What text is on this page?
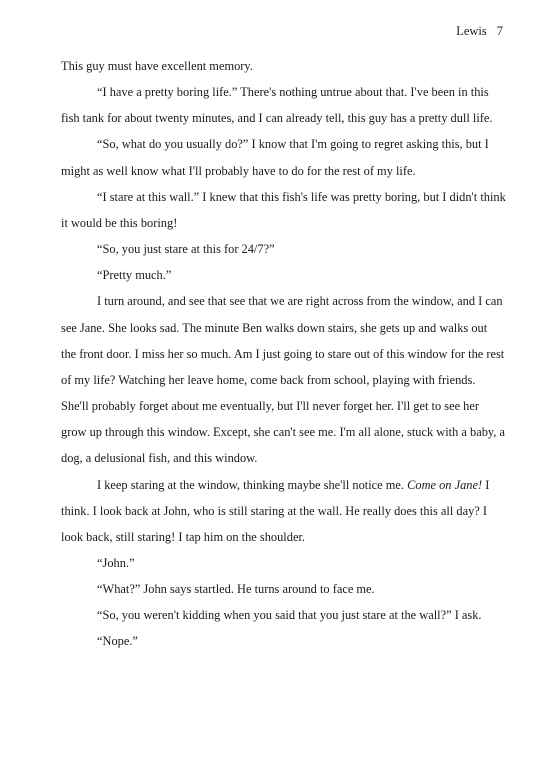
Lewis 7
This guy must have excellent memory.
“I have a pretty boring life.” There's nothing untrue about that. I've been in this
fish tank for about twenty minutes, and I can already tell, this guy has a pretty dull life.
“So, what do you usually do?” I know that I'm going to regret asking this, but I
might as well know what I'll probably have to do for the rest of my life.
“I stare at this wall.” I knew that this fish's life was pretty boring, but I didn't think
it would be this boring!
“So, you just stare at this for 24/7?”
“Pretty much.”
I turn around, and see that see that we are right across from the window, and I can
see Jane. She looks sad. The minute Ben walks down stairs, she gets up and walks out
the front door. I miss her so much. Am I just going to stare out of this window for the rest
of my life? Watching her leave home, come back from school, playing with friends.
She'll probably forget about me eventually, but I'll never forget her. I'll get to see her
grow up through this window. Except, she can't see me. I'm all alone, stuck with a baby, a
dog, a delusional fish, and this window.
I keep staring at the window, thinking maybe she'll notice me. Come on Jane! I
think. I look back at John, who is still staring at the wall. He really does this all day? I
look back, still staring! I tap him on the shoulder.
“John.”
“What?” John says startled. He turns around to face me.
“So, you weren't kidding when you said that you just stare at the wall?” I ask.
“Nope.”
